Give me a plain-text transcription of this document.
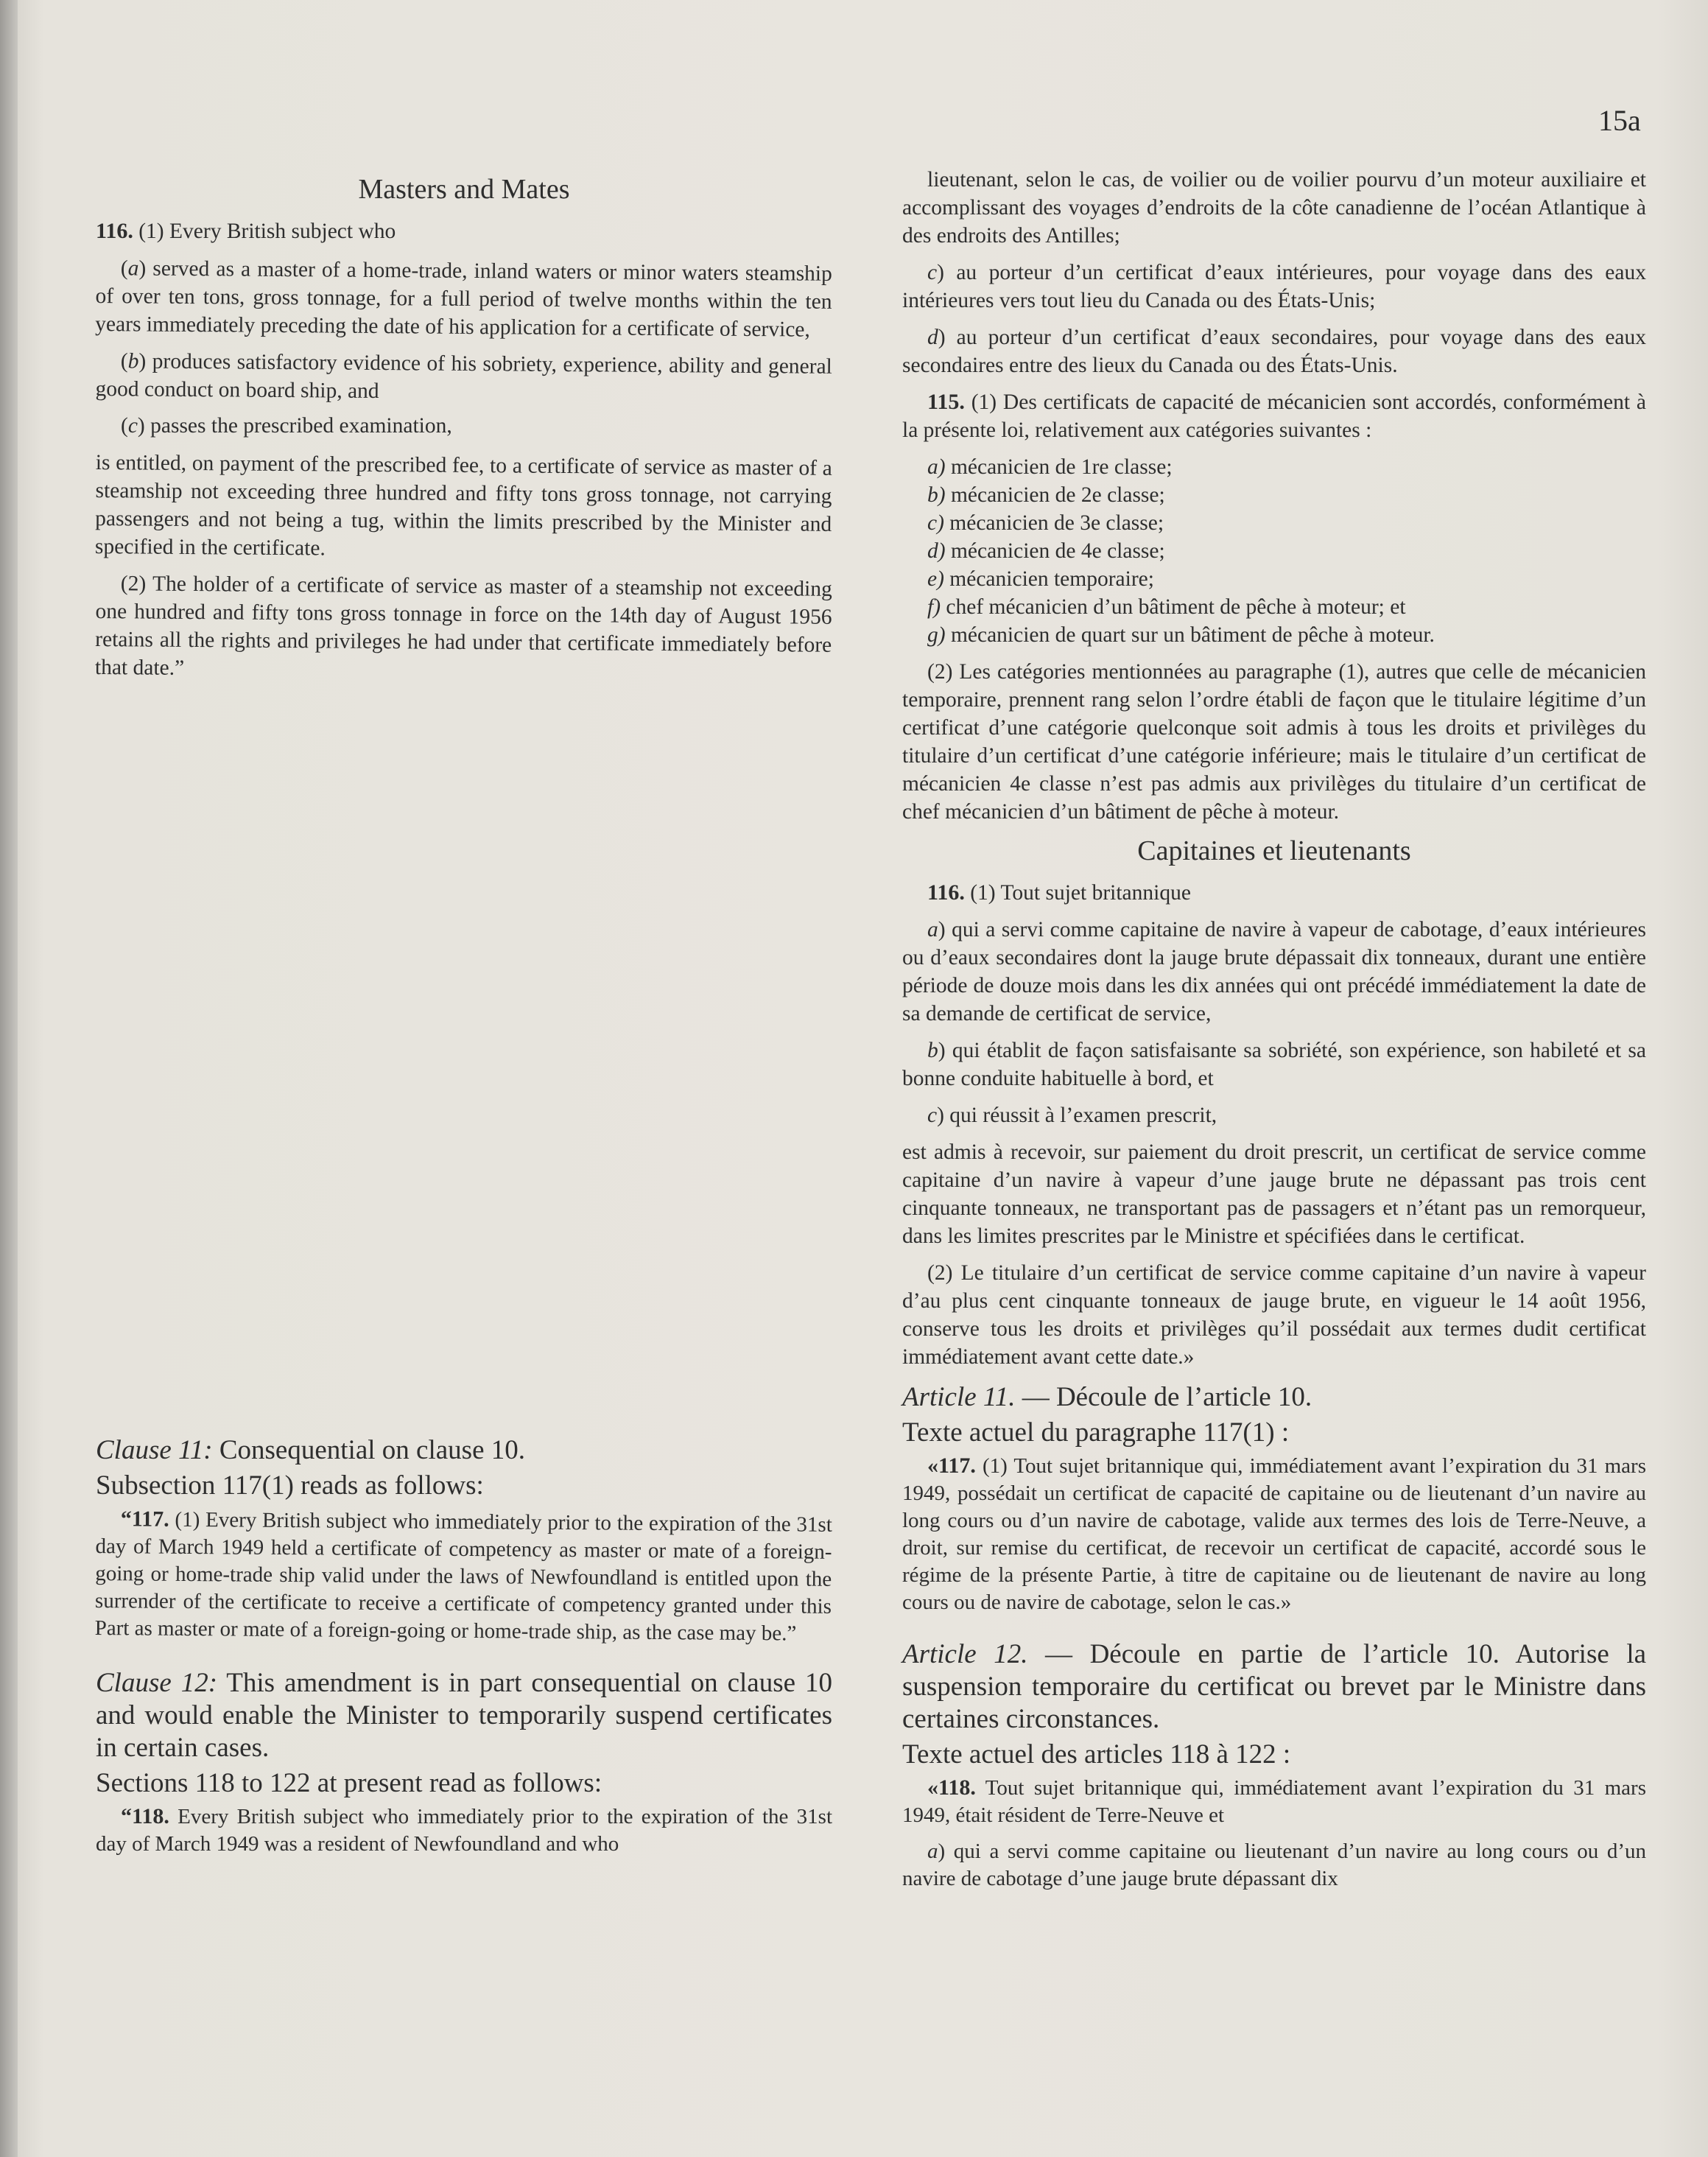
15a
Masters and Mates

116. (1) Every British subject who

(a) served as a master of a home-trade, inland waters or minor waters steamship of over ten tons, gross tonnage, for a full period of twelve months within the ten years immediately preceding the date of his application for a certificate of service,

(b) produces satisfactory evidence of his sobriety, experience, ability and general good conduct on board ship, and

(c) passes the prescribed examination,

is entitled, on payment of the prescribed fee, to a certificate of service as master of a steamship not exceeding three hundred and fifty tons gross tonnage, not carrying passengers and not being a tug, within the limits prescribed by the Minister and specified in the certificate.

(2) The holder of a certificate of service as master of a steamship not exceeding one hundred and fifty tons gross tonnage in force on the 14th day of August 1956 retains all the rights and privileges he had under that certificate immediately before that date.”

Clause 11: Consequential on clause 10.

Subsection 117(1) reads as follows:

“117. (1) Every British subject who immediately prior to the expiration of the 31st day of March 1949 held a certificate of competency as master or mate of a foreign-going or home-trade ship valid under the laws of Newfoundland is entitled upon the surrender of the certificate to receive a certificate of competency granted under this Part as master or mate of a foreign-going or home-trade ship, as the case may be.”

Clause 12: This amendment is in part consequential on clause 10 and would enable the Minister to temporarily suspend certificates in certain cases.

Sections 118 to 122 at present read as follows:

“118. Every British subject who immediately prior to the expiration of the 31st day of March 1949 was a resident of Newfoundland and who

lieutenant, selon le cas, de voilier ou de voilier pourvu d’un moteur auxiliaire et accomplissant des voyages d’endroits de la côte canadienne de l’océan Atlantique à des endroits des Antilles;

c) au porteur d’un certificat d’eaux intérieures, pour voyage dans des eaux intérieures vers tout lieu du Canada ou des États-Unis;

d) au porteur d’un certificat d’eaux secondaires, pour voyage dans des eaux secondaires entre des lieux du Canada ou des États-Unis.

115. (1) Des certificats de capacité de mécanicien sont accordés, conformément à la présente loi, relativement aux catégories suivantes :

a) mécanicien de 1re classe;

b) mécanicien de 2e classe;

c) mécanicien de 3e classe;

d) mécanicien de 4e classe;

e) mécanicien temporaire;

f) chef mécanicien d’un bâtiment de pêche à moteur; et

g) mécanicien de quart sur un bâtiment de pêche à moteur.

(2) Les catégories mentionnées au paragraphe (1), autres que celle de mécanicien temporaire, prennent rang selon l’ordre établi de façon que le titulaire légitime d’un certificat d’une catégorie quelconque soit admis à tous les droits et privilèges du titulaire d’un certificat d’une catégorie inférieure; mais le titulaire d’un certificat de mécanicien 4e classe n’est pas admis aux privilèges du titulaire d’un certificat de chef mécanicien d’un bâtiment de pêche à moteur.

Capitaines et lieutenants

116. (1) Tout sujet britannique

a) qui a servi comme capitaine de navire à vapeur de cabotage, d’eaux intérieures ou d’eaux secondaires dont la jauge brute dépassait dix tonneaux, durant une entière période de douze mois dans les dix années qui ont précédé immédiatement la date de sa demande de certificat de service,

b) qui établit de façon satisfaisante sa sobriété, son expérience, son habileté et sa bonne conduite habituelle à bord, et

c) qui réussit à l’examen prescrit,

est admis à recevoir, sur paiement du droit prescrit, un certificat de service comme capitaine d’un navire à vapeur d’une jauge brute ne dépassant pas trois cent cinquante tonneaux, ne transportant pas de passagers et n’étant pas un remorqueur, dans les limites prescrites par le Ministre et spécifiées dans le certificat.

(2) Le titulaire d’un certificat de service comme capitaine d’un navire à vapeur d’au plus cent cinquante tonneaux de jauge brute, en vigueur le 14 août 1956, conserve tous les droits et privilèges qu’il possédait aux termes dudit certificat immédiatement avant cette date.»

Article 11. — Découle de l’article 10.

Texte actuel du paragraphe 117(1) :

«117. (1) Tout sujet britannique qui, immédiatement avant l’expiration du 31 mars 1949, possédait un certificat de capacité de capitaine ou de lieutenant d’un navire au long cours ou d’un navire de cabotage, valide aux termes des lois de Terre-Neuve, a droit, sur remise du certificat, de recevoir un certificat de capacité, accordé sous le régime de la présente Partie, à titre de capitaine ou de lieutenant de navire au long cours ou de navire de cabotage, selon le cas.»

Article 12. — Découle en partie de l’article 10. Autorise la suspension temporaire du certificat ou brevet par le Ministre dans certaines circonstances.

Texte actuel des articles 118 à 122 :

«118. Tout sujet britannique qui, immédiatement avant l’expiration du 31 mars 1949, était résident de Terre-Neuve et

a) qui a servi comme capitaine ou lieutenant d’un navire au long cours ou d’un navire de cabotage d’une jauge brute dépassant dix
